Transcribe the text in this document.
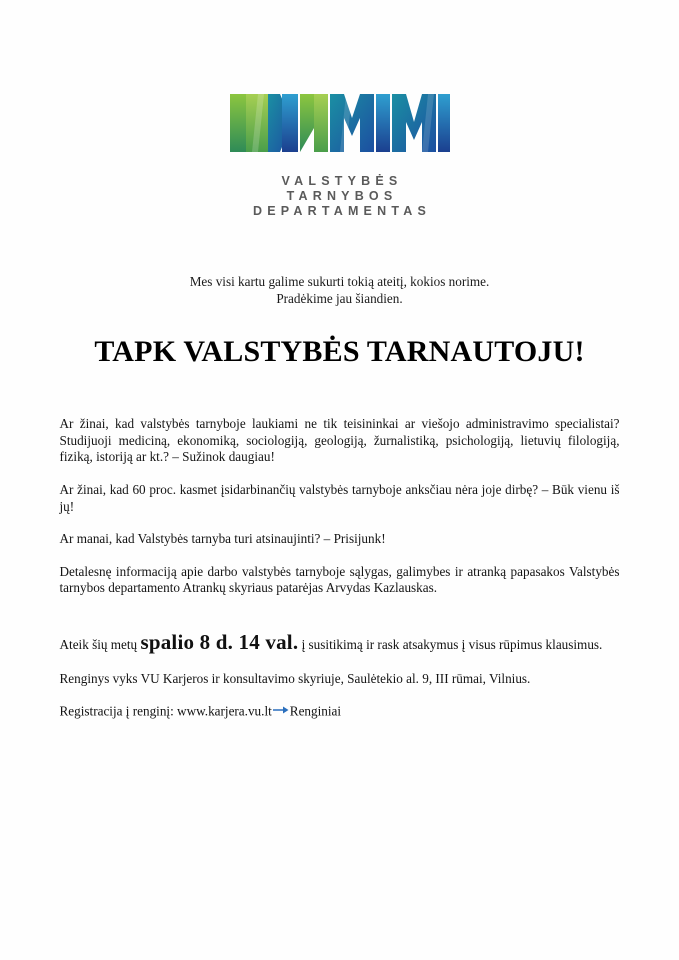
VALSTYBĖS
TARNYBOS
DEPARTAMENTAS
Mes visi kartu galime sukurti tokią ateitį, kokios norime.
Pradėkime jau šiandien.
TAPK VALSTYBĖS TARNAUTOJU!

Ar žinai, kad valstybės tarnyboje laukiami ne tik teisininkai ar viešojo administravimo specialistai? Studijuoji mediciną, ekonomiką, sociologiją, geologiją, žurnalistiką, psichologiją, lietuvių filologiją, fiziką, istoriją ar kt.? – Sužinok daugiau!

Ar žinai, kad 60 proc. kasmet įsidarbinančių valstybės tarnyboje anksčiau nėra joje dirbę? – Būk vienu iš jų!

Ar manai, kad Valstybės tarnyba turi atsinaujinti? – Prisijunk!

Detalesnę informaciją apie darbo valstybės tarnyboje sąlygas, galimybes ir atranką papasakos Valstybės tarnybos departamento Atrankų skyriaus patarėjas Arvydas Kazlauskas.

Ateik šių metų spalio 8 d. 14 val. į susitikimą ir rask atsakymus į visus rūpimus klausimus.

Renginys vyks VU Karjeros ir konsultavimo skyriuje, Saulėtekio al. 9, III rūmai, Vilnius.

Registracija į renginį: www.karjera.vu.lt Renginiai
